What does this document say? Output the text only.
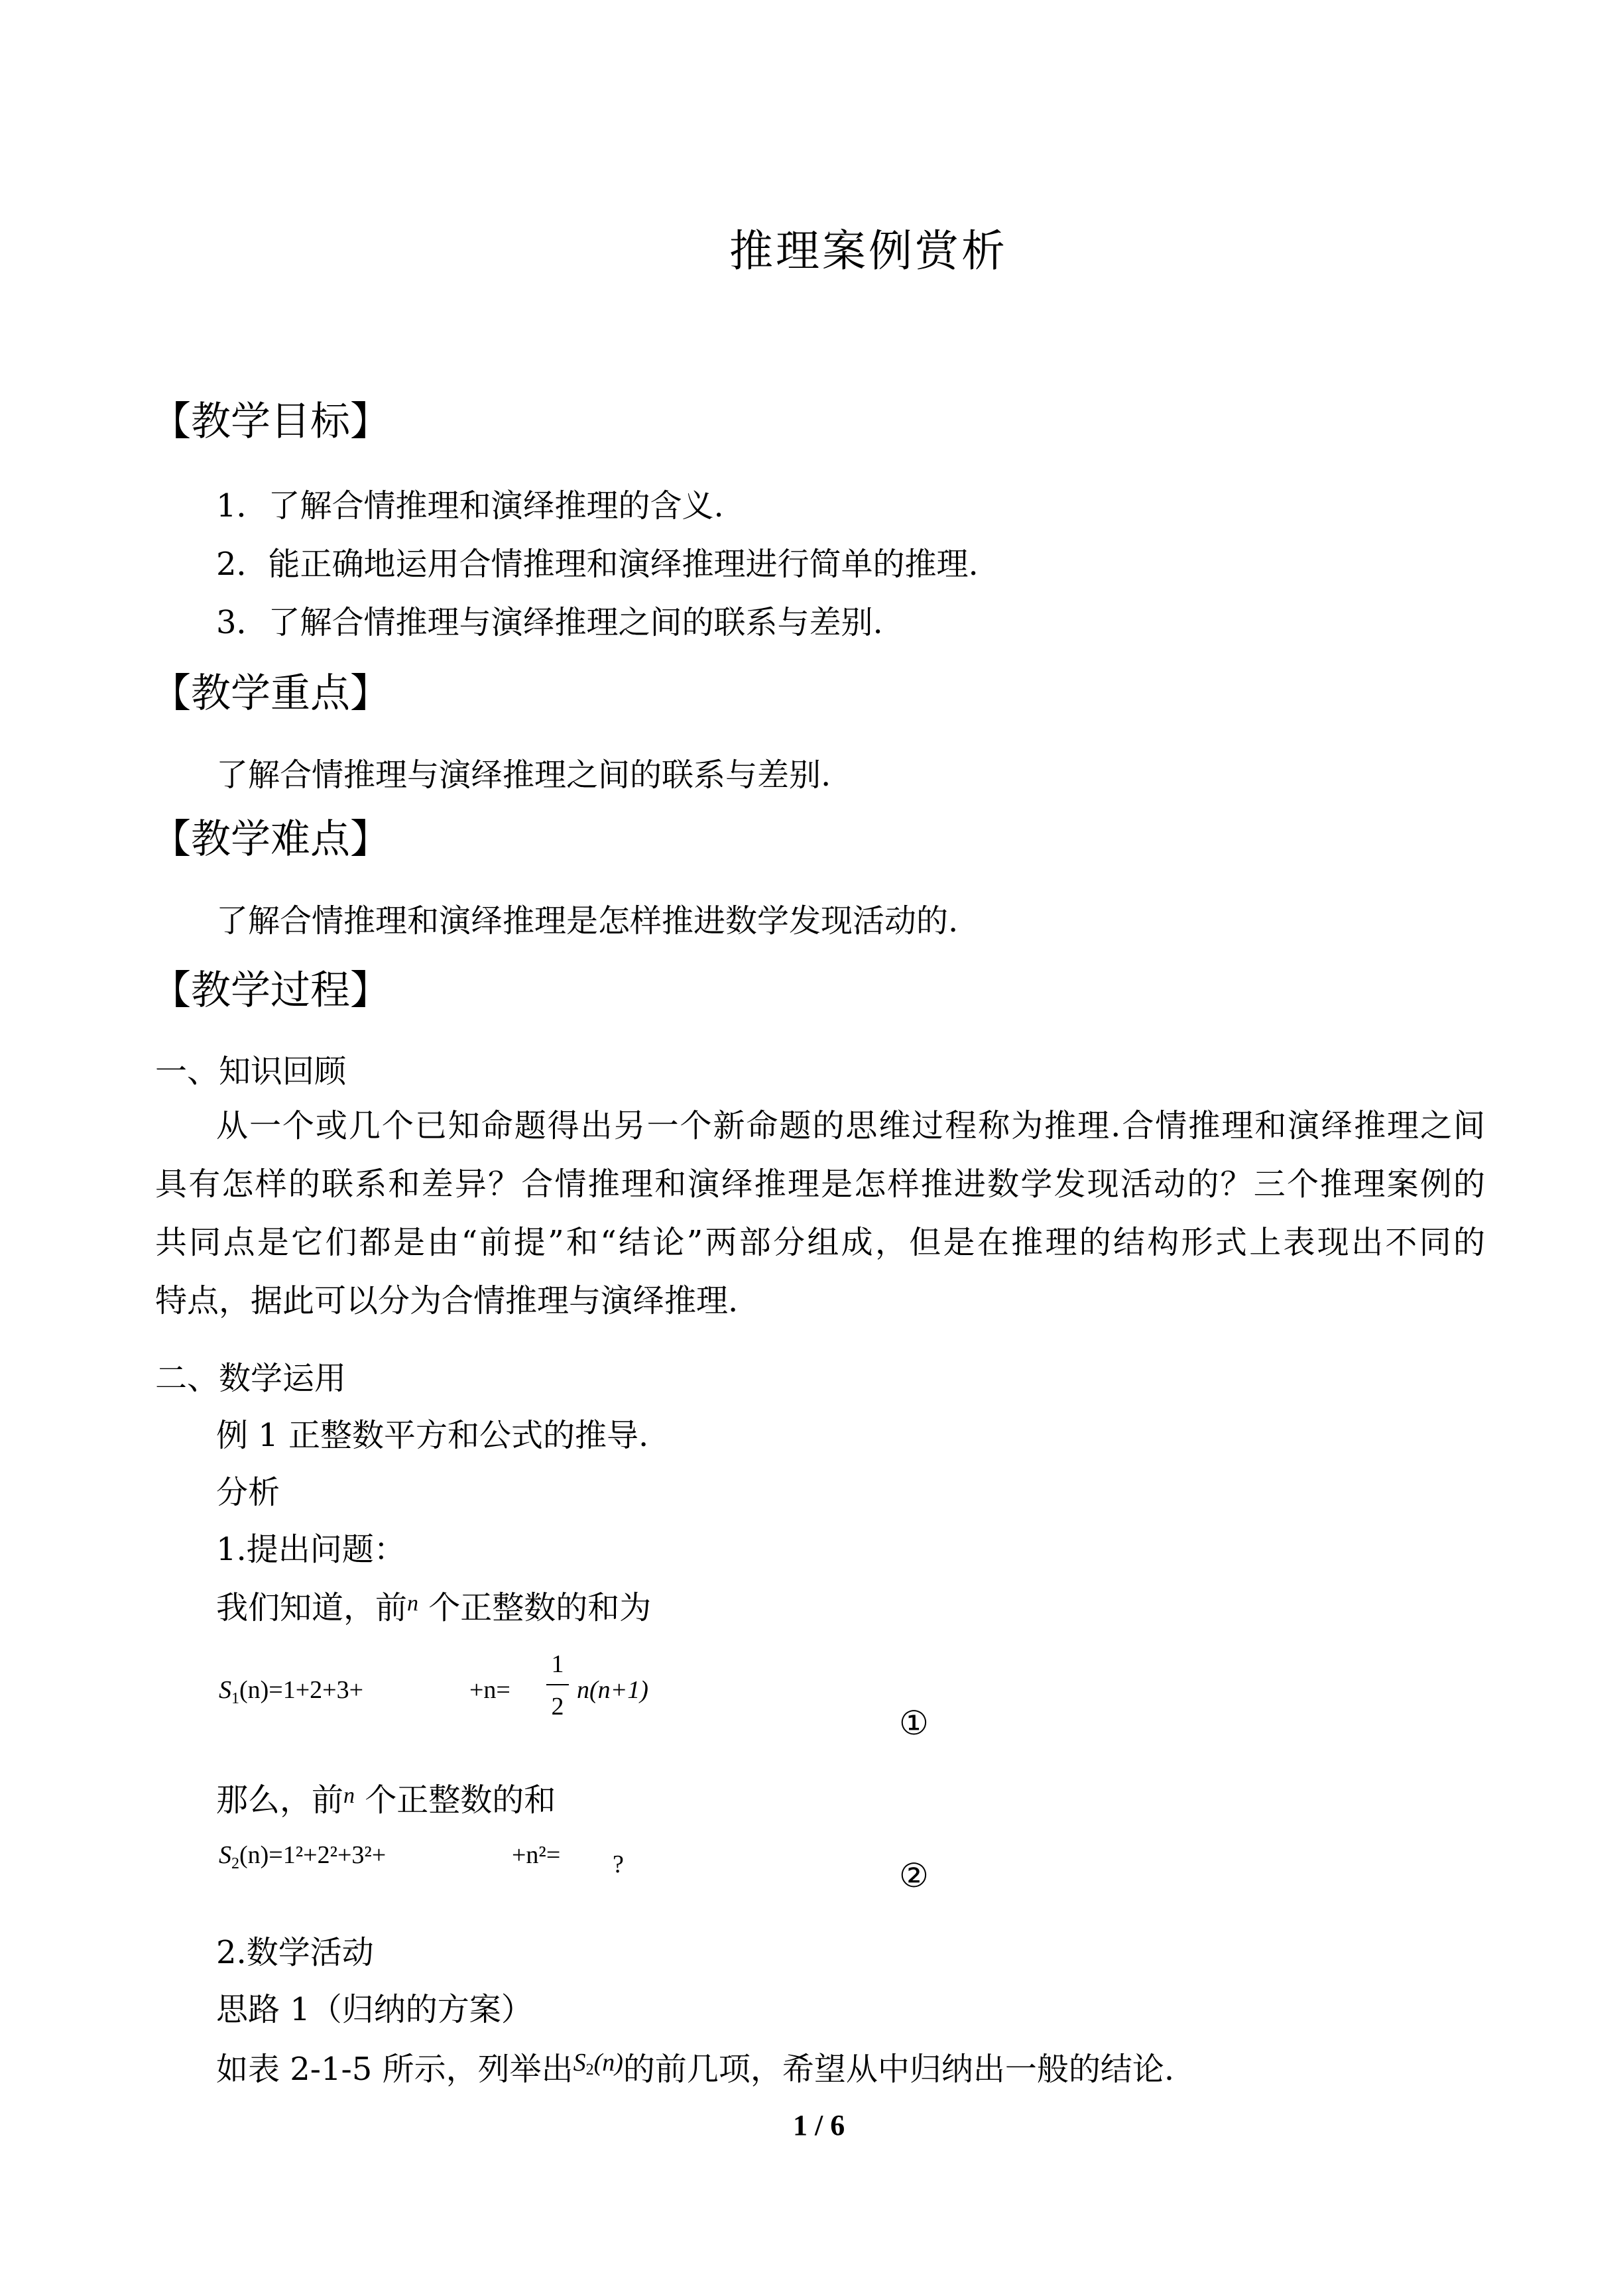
推理案例赏析
【教学目标】
1．了解合情推理和演绎推理的含义.
2．能正确地运用合情推理和演绎推理进行简单的推理.
3．了解合情推理与演绎推理之间的联系与差别.
【教学重点】
了解合情推理与演绎推理之间的联系与差别.
【教学难点】
了解合情推理和演绎推理是怎样推进数学发现活动的.
【教学过程】
一、知识回顾
从一个或几个已知命题得出另一个新命题的思维过程称为推理.合情推理和演绎推理之间
具有怎样的联系和差异？合情推理和演绎推理是怎样推进数学发现活动的？三个推理案例的
共同点是它们都是由“前提”和“结论”两部分组成，但是在推理的结构形式上表现出不同的
特点，据此可以分为合情推理与演绎推理.
二、数学运用
例 1 正整数平方和公式的推导.
分析
1.提出问题：
我们知道，前$^n$ 个正整数的和为
$S_1(n)=1+2+3+$	+n=
1
2
n(n+1)
①
那么，前$^n$ 个正整数的和
$S_2(n)=1^2+2^2+3^2+$	+n²= ?	②
2.数学活动
思路 1（归纳的方案）
如表 2-1-5 所示，列举出$^{S_2(n)}$的前几项，希望从中归纳出一般的结论.
1 / 6
